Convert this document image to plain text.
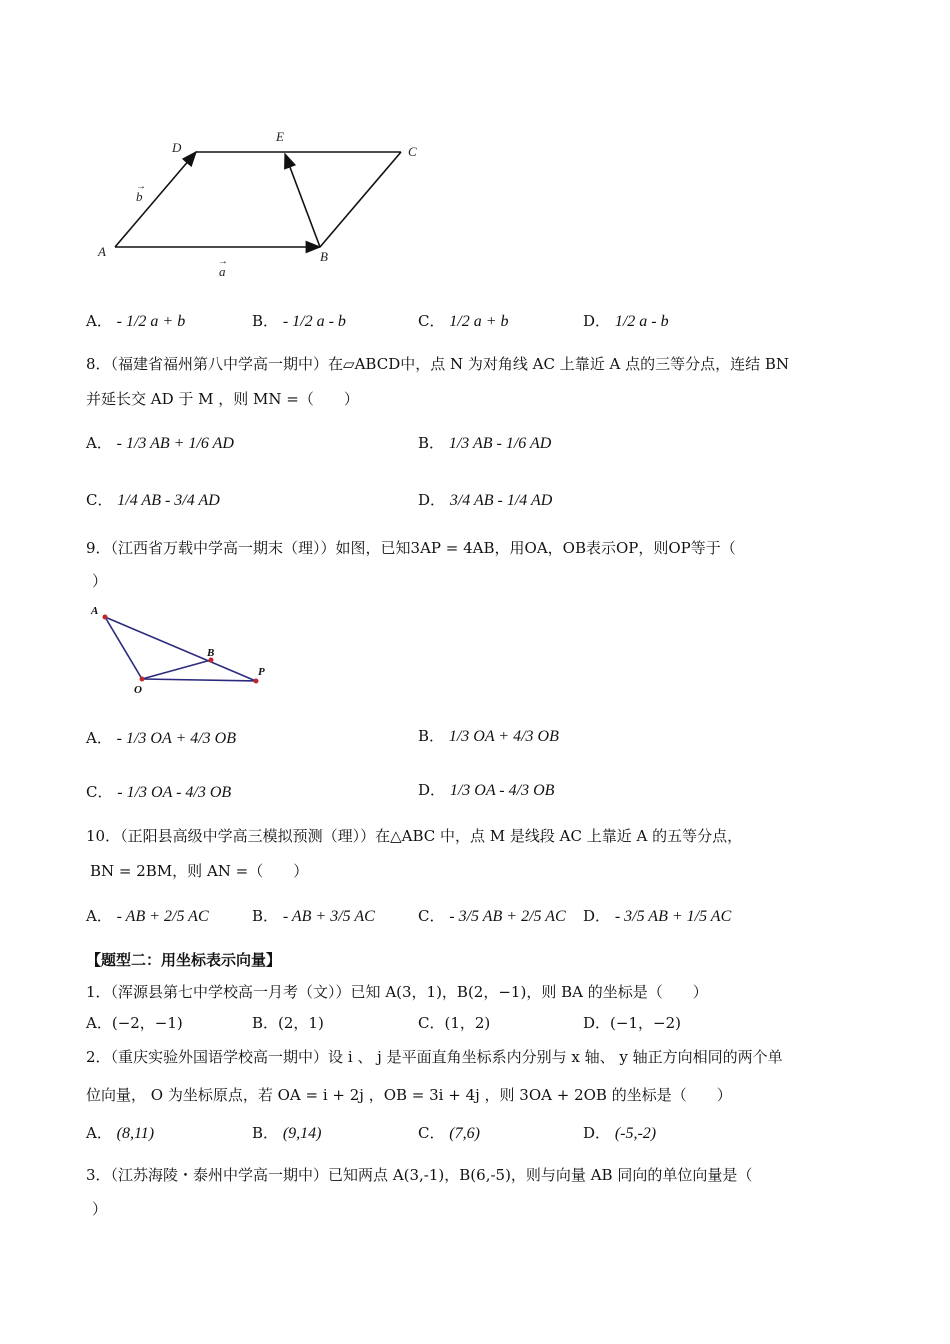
A	B
C
D
E
b
→
a
→
A． - 1/2 a + b	B． - 1/2 a - b	C． 1/2 a + b	D． 1/2 a - b
8．（福建省福州第八中学高一期中）在▱ABCD中，点 N 为对角线 AC 上靠近 A 点的三等分点，连结 BN
并延长交 AD 于 M ，则 MN =（　　）
A． - 1/3 AB + 1/6 AD	B． 1/3 AB - 1/6 AD
C． 1/4 AB - 3/4 AD	D． 3/4 AB - 1/4 AD
9．（江西省万载中学高一期末（理））如图，已知3AP = 4AB，用OA，OB表示OP，则OP等于（
）
A
B
O
P
A． - 1/3 OA + 4/3 OB	B． 1/3 OA + 4/3 OB
C． - 1/3 OA - 4/3 OB	D． 1/3 OA - 4/3 OB
10．（正阳县高级中学高三模拟预测（理））在△ABC 中，点 M 是线段 AC 上靠近 A 的五等分点，
BN = 2BM，则 AN =（　　）
A． - AB + 2/5 AC	B． - AB + 3/5 AC	C． - 3/5 AB + 2/5 AC D． - 3/5 AB + 1/5 AC
【题型二：用坐标表示向量】
1．（浑源县第七中学校高一月考（文））已知 A(3，1)，B(2，−1)，则 BA 的坐标是（　　）
A．(−2，−1)	B．(2，1)	C．(1，2)	D．(−1，−2)
2．（重庆实验外国语学校高一期中）设 i 、 j 是平面直角坐标系内分别与 x 轴、 y 轴正方向相同的两个单
位向量， O 为坐标原点，若 OA = i + 2j ，OB = 3i + 4j ，则 3OA + 2OB 的坐标是（　　）
A． (8,11)	B． (9,14)	C． (7,6)	D． (-5,-2)
3．（江苏海陵・泰州中学高一期中）已知两点 A(3,-1)，B(6,-5)，则与向量 AB 同向的单位向量是（
）
